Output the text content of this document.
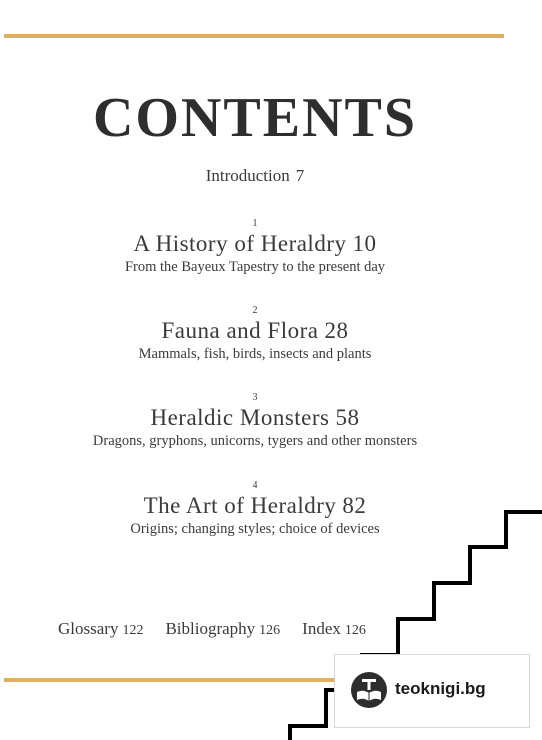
CONTENTS
Introduction 7
1
A History of Heraldry 10
From the Bayeux Tapestry to the present day
2
Fauna and Flora 28
Mammals, fish, birds, insects and plants
3
Heraldic Monsters 58
Dragons, gryphons, unicorns, tygers and other monsters
4
The Art of Heraldry 82
Origins; changing styles; choice of devices
Glossary 122 Bibliography 126 Index 126
teoknigi.bg
